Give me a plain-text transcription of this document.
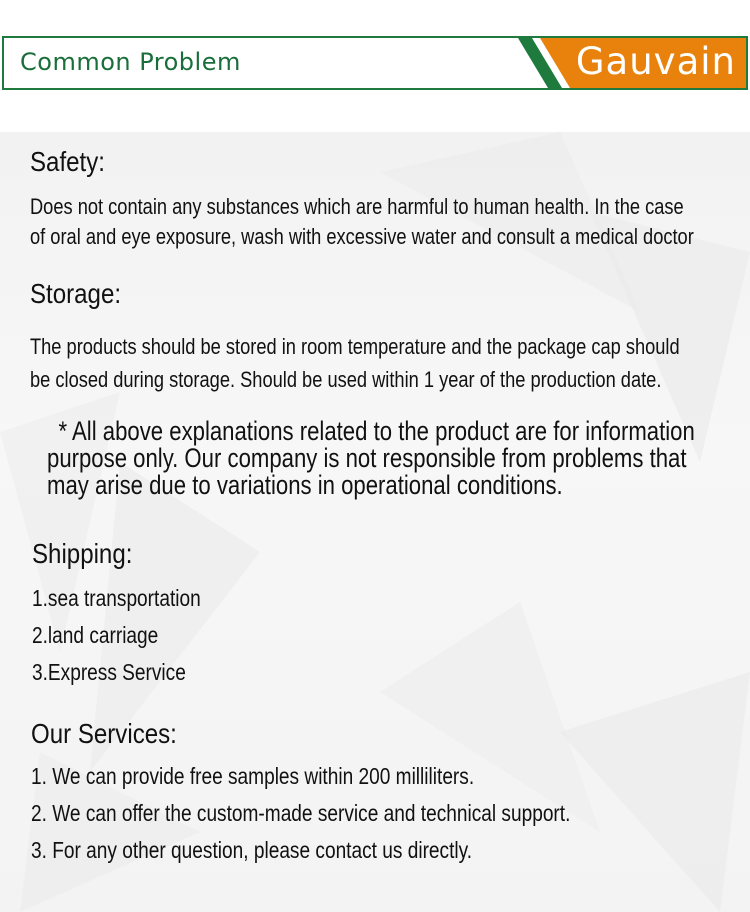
Common Problem	Gauvain
Safety:
Does not contain any substances which are harmful to human health. In the case
of oral and eye exposure, wash with excessive water and consult a medical doctor
Storage:
The products should be stored in room temperature and the package cap should
be closed during storage. Should be used within 1 year of the production date.
* All above explanations related to the product are for information
purpose only. Our company is not responsible from problems that
may arise due to variations in operational conditions.
Shipping:
1.sea transportation
2.land carriage
3.Express Service
Our Services:
1. We can provide free samples within 200 milliliters.
2. We can offer the custom-made service and technical support.
3. For any other question, please contact us directly.
